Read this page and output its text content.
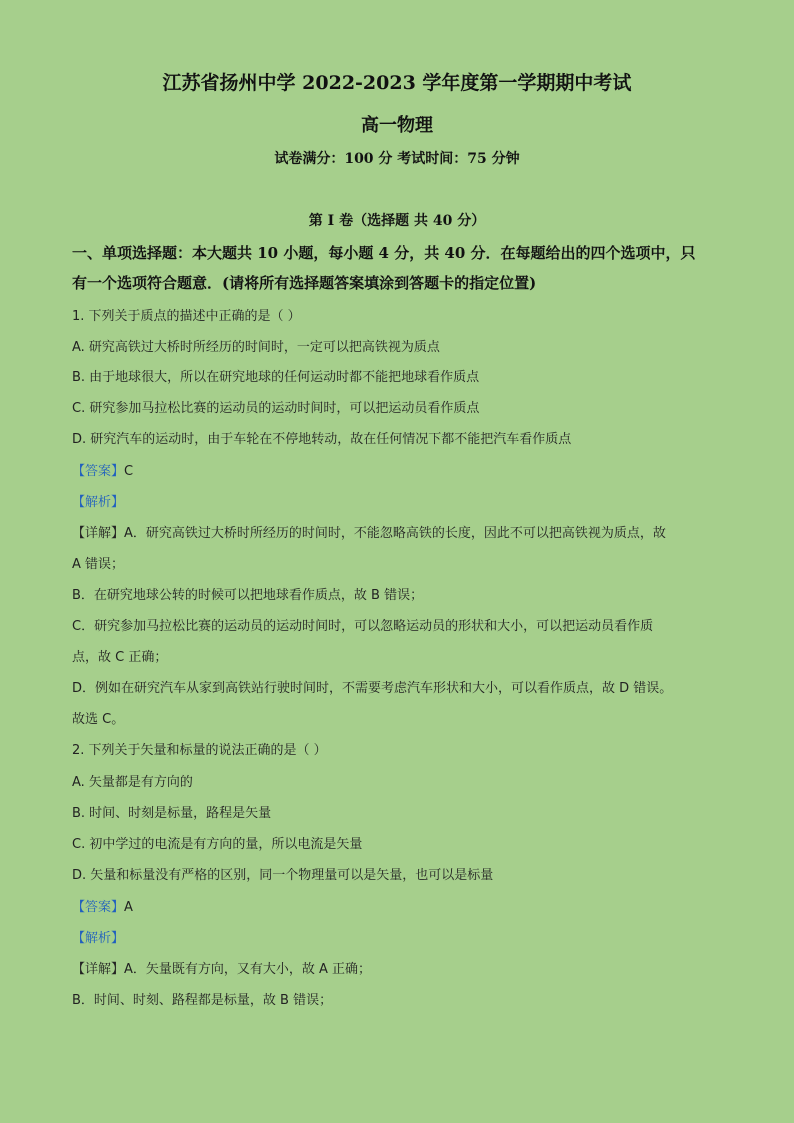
江苏省扬州中学 2022-2023 学年度第一学期期中考试
高一物理
试卷满分：100 分 考试时间：75 分钟
第 I 卷（选择题 共 40 分）
一、单项选择题：本大题共 10 小题，每小题 4 分，共 40 分．在每题给出的四个选项中，只
有一个选项符合题意．(请将所有选择题答案填涂到答题卡的指定位置)
1. 下列关于质点的描述中正确的是（ ）
A. 研究高铁过大桥时所经历的时间时，一定可以把高铁视为质点
B. 由于地球很大，所以在研究地球的任何运动时都不能把地球看作质点
C. 研究参加马拉松比赛的运动员的运动时间时，可以把运动员看作质点
D. 研究汽车的运动时，由于车轮在不停地转动，故在任何情况下都不能把汽车看作质点
【答案】C
【解析】
【详解】A．研究高铁过大桥时所经历的时间时，不能忽略高铁的长度，因此不可以把高铁视为质点，故
A 错误；
B．在研究地球公转的时候可以把地球看作质点，故 B 错误；
C．研究参加马拉松比赛的运动员的运动时间时，可以忽略运动员的形状和大小，可以把运动员看作质
点，故 C 正确；
D．例如在研究汽车从家到高铁站行驶时间时，不需要考虑汽车形状和大小，可以看作质点，故 D 错误。
故选 C。
2. 下列关于矢量和标量的说法正确的是（ ）
A. 矢量都是有方向的
B. 时间、时刻是标量，路程是矢量
C. 初中学过的电流是有方向的量，所以电流是矢量
D. 矢量和标量没有严格的区别，同一个物理量可以是矢量，也可以是标量
【答案】A
【解析】
【详解】A．矢量既有方向，又有大小，故 A 正确；
B．时间、时刻、路程都是标量，故 B 错误；
